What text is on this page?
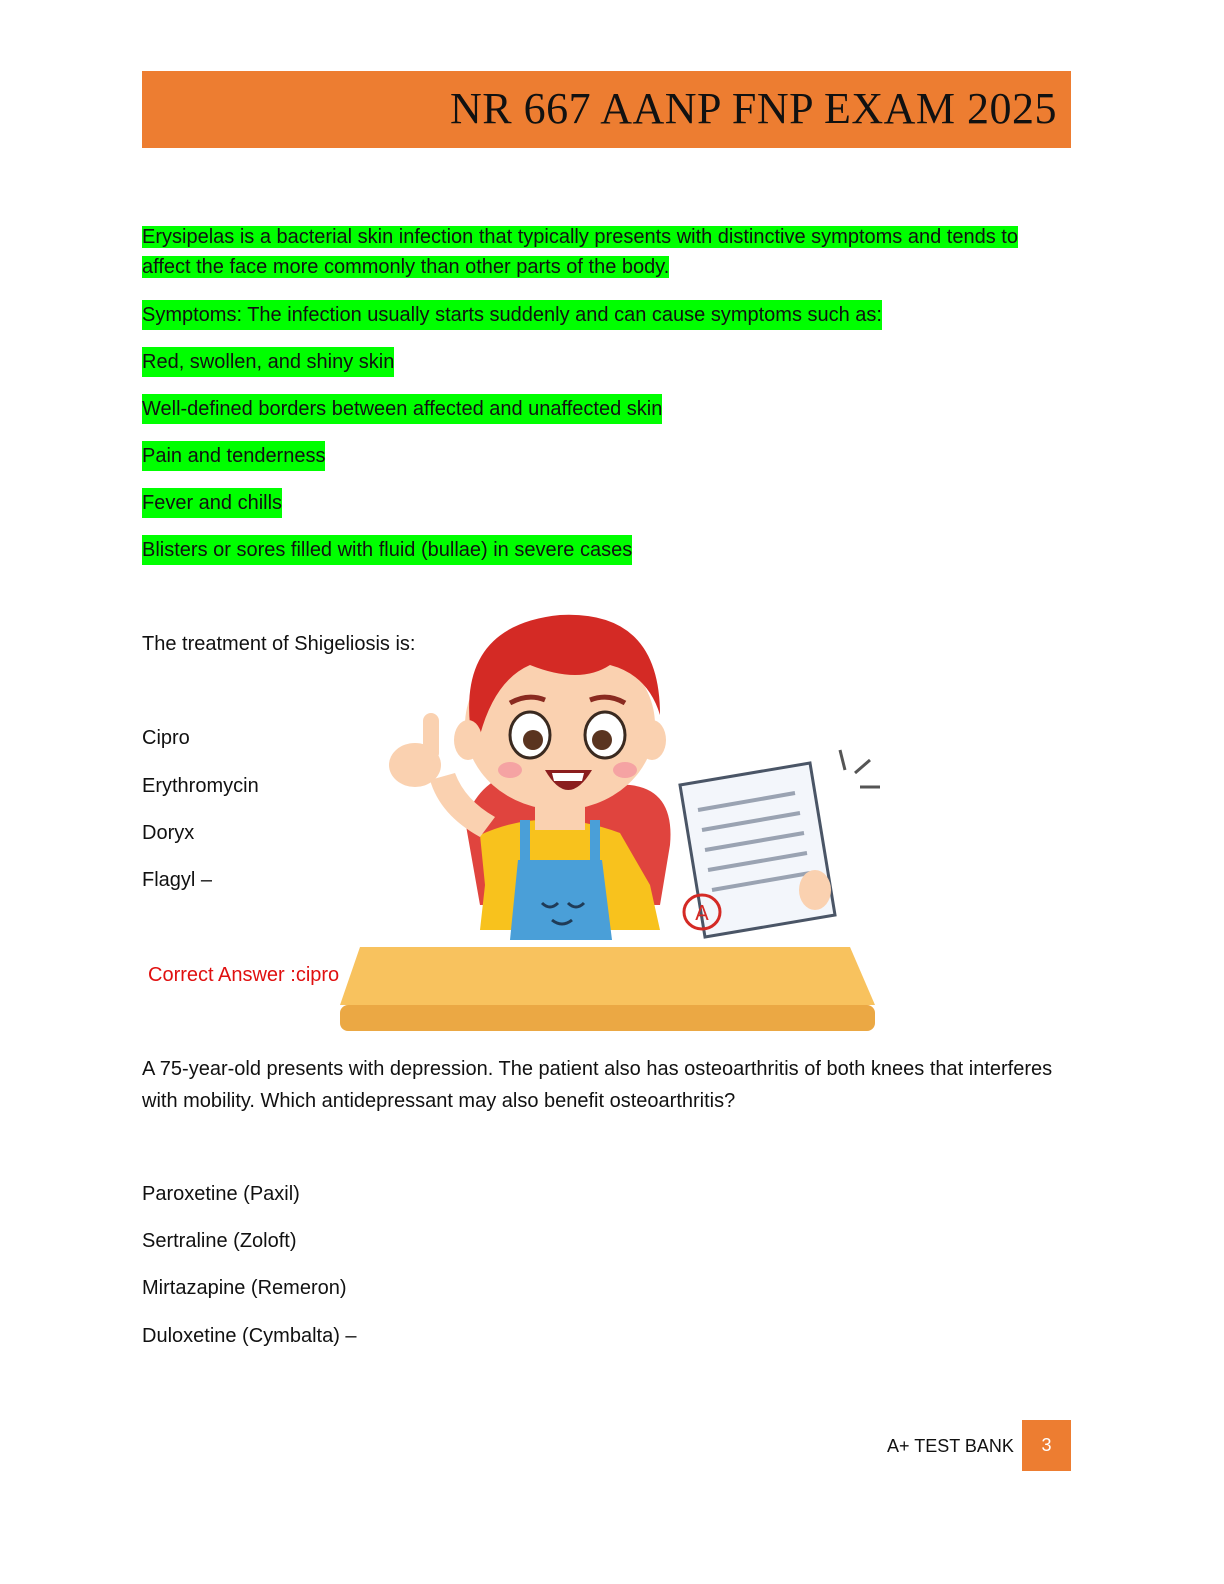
NR 667 AANP FNP EXAM 2025
Erysipelas is a bacterial skin infection that typically presents with distinctive symptoms and tends to affect the face more commonly than other parts of the body.
Symptoms: The infection usually starts suddenly and can cause symptoms such as:
Red, swollen, and shiny skin
Well-defined borders between affected and unaffected skin
Pain and tenderness
Fever and chills
Blisters or sores filled with fluid (bullae) in severe cases
A
The treatment of Shigeliosis is:
Cipro
Erythromycin
Doryx
Flagyl –
Correct Answer :cipro
A 75-year-old presents with depression. The patient also has osteoarthritis of both knees that interferes with mobility. Which antidepressant may also benefit osteoarthritis?
Paroxetine (Paxil)
Sertraline (Zoloft)
Mirtazapine (Remeron)
Duloxetine (Cymbalta) –
A+ TEST BANK	3
